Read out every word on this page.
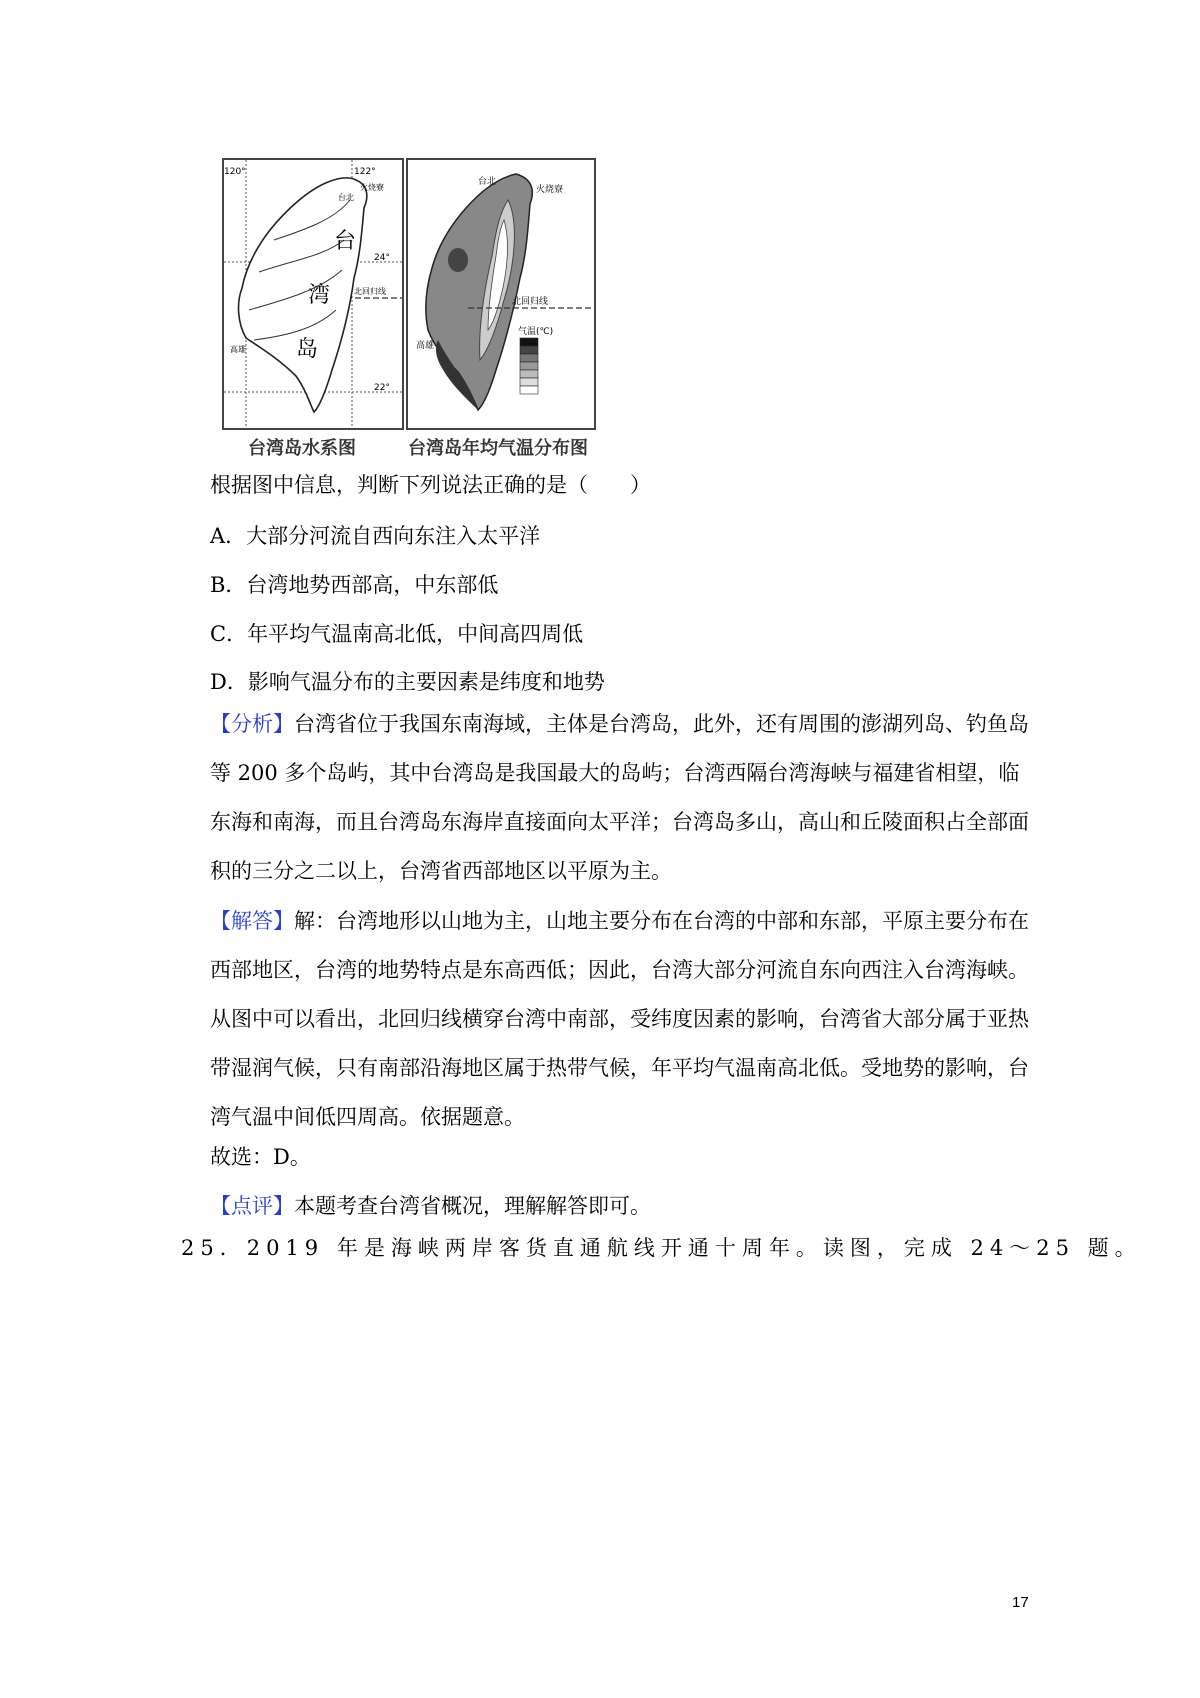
120°	122°
24°
22°
台北
火烧寮
高雄
台
湾
岛
北回归线
台北
火烧寮
高雄
北回归线
气温(℃)
台湾岛水系图	台湾岛年均气温分布图
根据图中信息，判断下列说法正确的是（　　）
A．大部分河流自西向东注入太平洋
B．台湾地势西部高，中东部低
C．年平均气温南高北低，中间高四周低
D．影响气温分布的主要因素是纬度和地势
【分析】台湾省位于我国东南海域，主体是台湾岛，此外，还有周围的澎湖列岛、钓鱼岛等 200 多个岛屿，其中台湾岛是我国最大的岛屿；台湾西隔台湾海峡与福建省相望，临东海和南海，而且台湾岛东海岸直接面向太平洋；台湾岛多山，高山和丘陵面积占全部面积的三分之二以上，台湾省西部地区以平原为主。
【解答】解：台湾地形以山地为主，山地主要分布在台湾的中部和东部，平原主要分布在西部地区，台湾的地势特点是东高西低；因此，台湾大部分河流自东向西注入台湾海峡。从图中可以看出，北回归线横穿台湾中南部，受纬度因素的影响，台湾省大部分属于亚热带湿润气候，只有南部沿海地区属于热带气候，年平均气温南高北低。受地势的影响，台湾气温中间低四周高。依据题意。
故选：D。
【点评】本题考查台湾省概况，理解解答即可。
25．2019 年是海峡两岸客货直通航线开通十周年。读图，完成 24～25 题。
17
